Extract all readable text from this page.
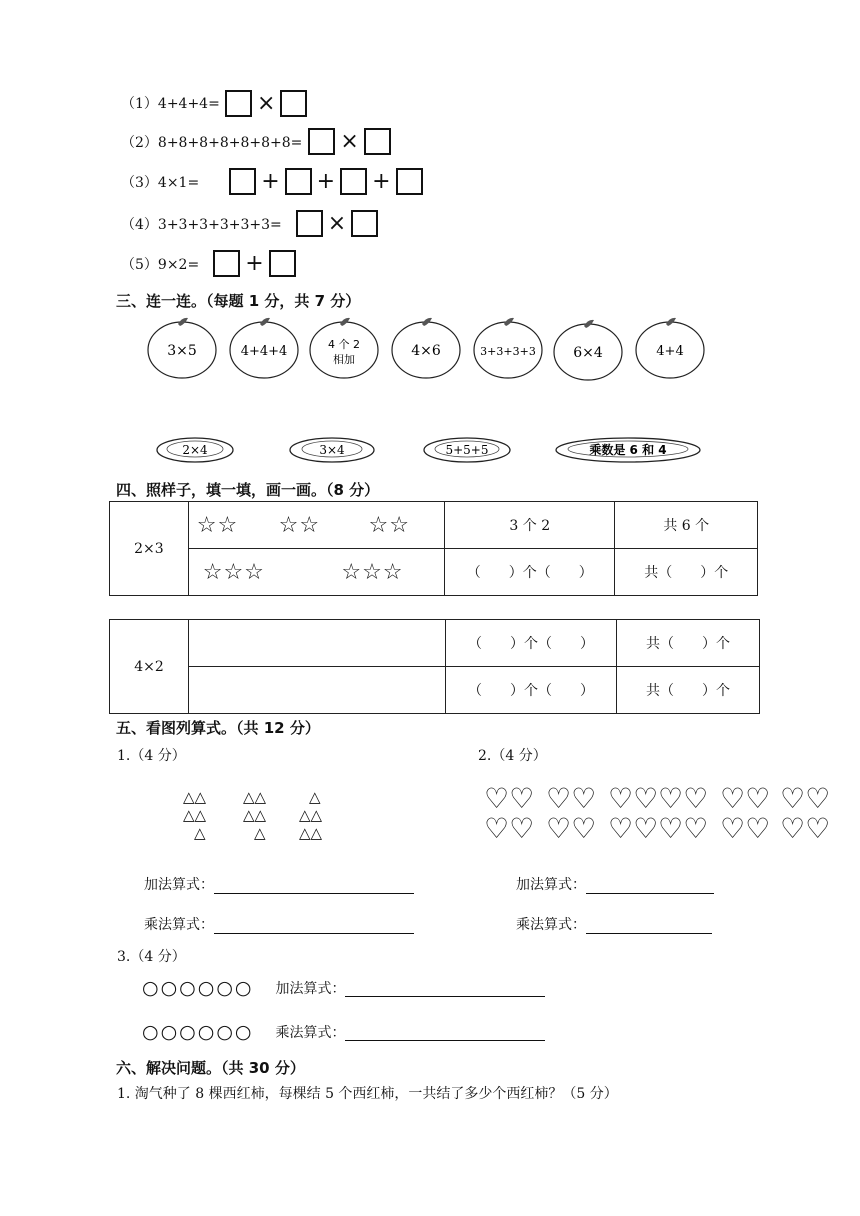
（1）4+4+4= ×
（2）8+8+8+8+8+8+8= ×
（3）4×1=	+ + +
（4）3+3+3+3+3+3= ×
（5）9×2= +
三、连一连。（每题 1 分，共 7 分）
3×5	4+4+4	4 个 2
相加
4×6	3+3+3+3	6×4	4+4
2×4	3×4	5+5+5	乘数是 6 和 4
四、照样子，填一填，画一画。（8 分）
2×3	☆☆ ☆☆ ☆☆	3 个 2	共 6 个
	☆☆☆ ☆☆☆	（　　）个（　　）	共（　　）个
4×2		（　　）个（　　）	共（　　）个
		（　　）个（　　）	共（　　）个
五、看图列算式。（共 12 分）
1.（4 分）	2.（4 分）
△△ △△	△
△△ △△ △△
△	△ △△
♡♡ ♡♡ ♡♡ ♡♡ ♡♡ ♡♡
♡♡ ♡♡ ♡♡ ♡♡ ♡♡ ♡♡
加法算式：	加法算式：
乘法算式：	乘法算式：
3.（4 分）
○○○○○○ 加法算式：
○○○○○○ 乘法算式：
六、解决问题。（共 30 分）
1. 淘气种了 8 棵西红柿，每棵结 5 个西红柿，一共结了多少个西红柿？（5 分）
